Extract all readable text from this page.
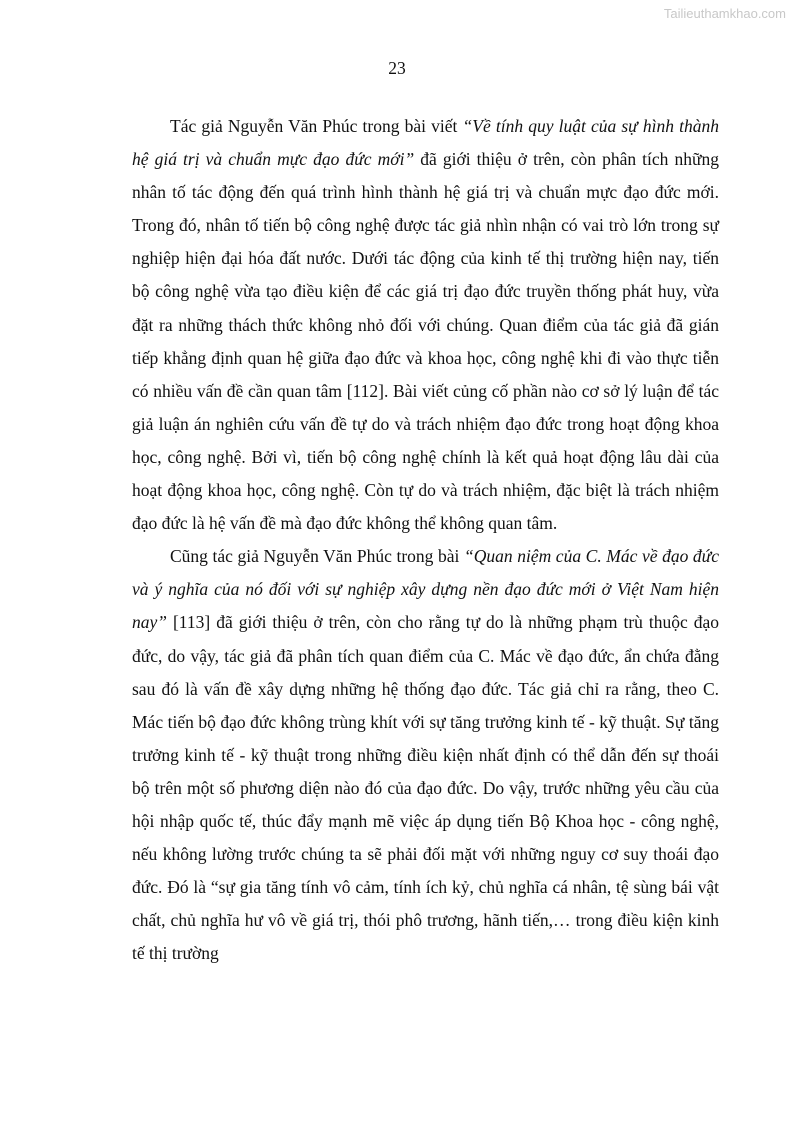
Tailieuthamkhao.com
23

Tác giả Nguyễn Văn Phúc trong bài viết “Về tính quy luật của sự hình thành hệ giá trị và chuẩn mực đạo đức mới” đã giới thiệu ở trên, còn phân tích những nhân tố tác động đến quá trình hình thành hệ giá trị và chuẩn mực đạo đức mới. Trong đó, nhân tố tiến bộ công nghệ được tác giả nhìn nhận có vai trò lớn trong sự nghiệp hiện đại hóa đất nước. Dưới tác động của kinh tế thị trường hiện nay, tiến bộ công nghệ vừa tạo điều kiện để các giá trị đạo đức truyền thống phát huy, vừa đặt ra những thách thức không nhỏ đối với chúng. Quan điểm của tác giả đã gián tiếp khẳng định quan hệ giữa đạo đức và khoa học, công nghệ khi đi vào thực tiễn có nhiều vấn đề cần quan tâm [112]. Bài viết củng cố phần nào cơ sở lý luận để tác giả luận án nghiên cứu vấn đề tự do và trách nhiệm đạo đức trong hoạt động khoa học, công nghệ. Bởi vì, tiến bộ công nghệ chính là kết quả hoạt động lâu dài của hoạt động khoa học, công nghệ. Còn tự do và trách nhiệm, đặc biệt là trách nhiệm đạo đức là hệ vấn đề mà đạo đức không thể không quan tâm.

Cũng tác giả Nguyễn Văn Phúc trong bài “Quan niệm của C. Mác về đạo đức và ý nghĩa của nó đối với sự nghiệp xây dựng nền đạo đức mới ở Việt Nam hiện nay” [113] đã giới thiệu ở trên, còn cho rằng tự do là những phạm trù thuộc đạo đức, do vậy, tác giả đã phân tích quan điểm của C. Mác về đạo đức, ẩn chứa đằng sau đó là vấn đề xây dựng những hệ thống đạo đức. Tác giả chỉ ra rằng, theo C. Mác tiến bộ đạo đức không trùng khít với sự tăng trưởng kinh tế - kỹ thuật. Sự tăng trưởng kinh tế - kỹ thuật trong những điều kiện nhất định có thể dẫn đến sự thoái bộ trên một số phương diện nào đó của đạo đức. Do vậy, trước những yêu cầu của hội nhập quốc tế, thúc đẩy mạnh mẽ việc áp dụng tiến Bộ Khoa học - công nghệ, nếu không lường trước chúng ta sẽ phải đối mặt với những nguy cơ suy thoái đạo đức. Đó là “sự gia tăng tính vô cảm, tính ích kỷ, chủ nghĩa cá nhân, tệ sùng bái vật chất, chủ nghĩa hư vô về giá trị, thói phô trương, hãnh tiến,… trong điều kiện kinh tế thị trường
